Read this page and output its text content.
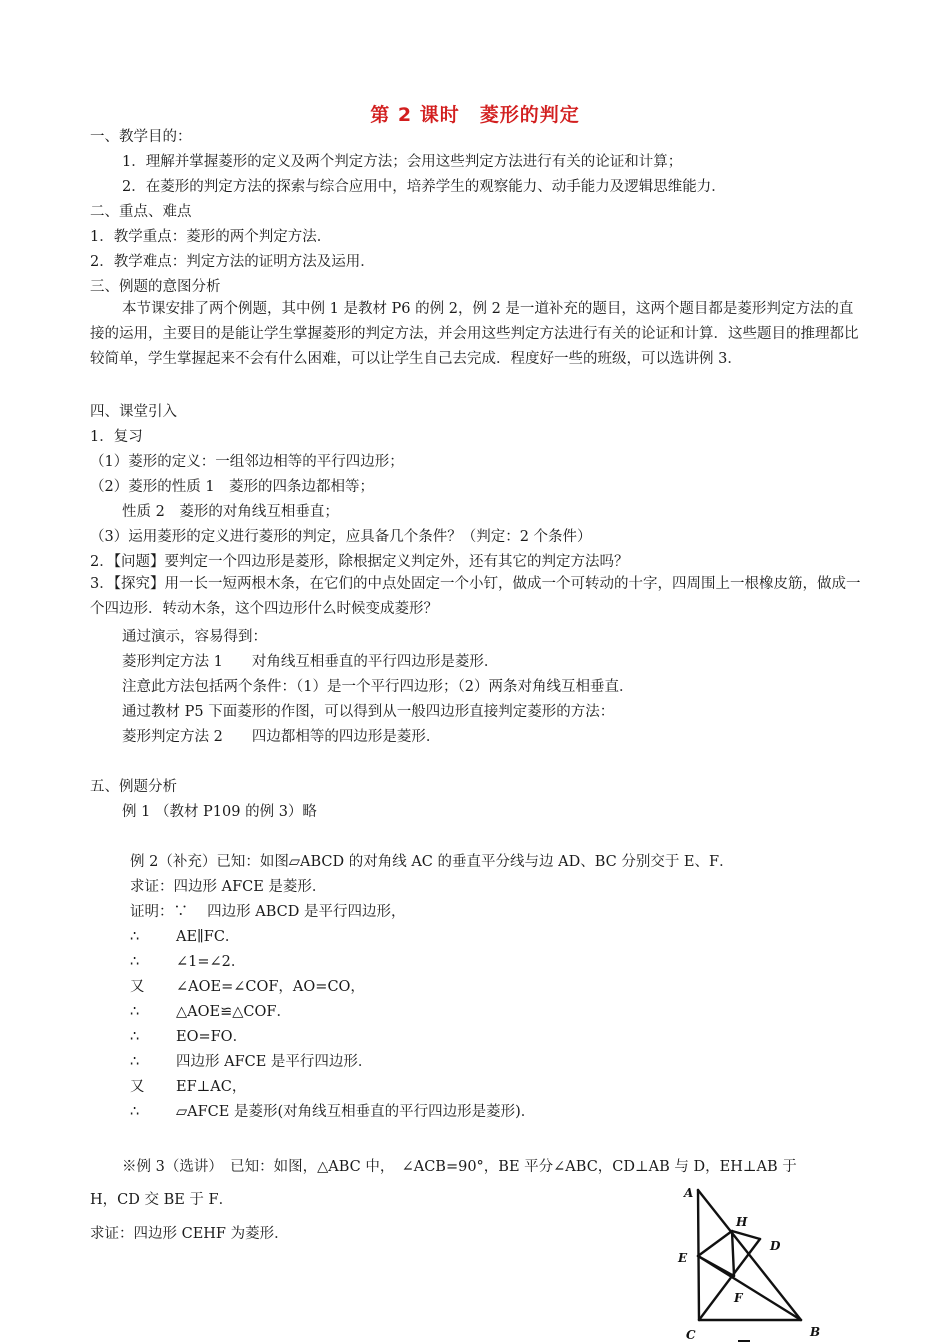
第 2 课时　菱形的判定
一、教学目的：
1．理解并掌握菱形的定义及两个判定方法；会用这些判定方法进行有关的论证和计算；
2．在菱形的判定方法的探索与综合应用中，培养学生的观察能力、动手能力及逻辑思维能力．
二、重点、难点
1．教学重点：菱形的两个判定方法．
2．教学难点：判定方法的证明方法及运用．
三、例题的意图分析
本节课安排了两个例题，其中例 1 是教材 P6 的例 2，例 2 是一道补充的题目，这两个题目都是菱形判定方法的直接的运用，主要目的是能让学生掌握菱形的判定方法，并会用这些判定方法进行有关的论证和计算．这些题目的推理都比较简单，学生掌握起来不会有什么困难，可以让学生自己去完成．程度好一些的班级，可以选讲例 3．
四、课堂引入
1．复习
（1）菱形的定义：一组邻边相等的平行四边形；
（2）菱形的性质 1　菱形的四条边都相等；
性质 2　菱形的对角线互相垂直；
（3）运用菱形的定义进行菱形的判定，应具备几个条件？（判定：2 个条件）
2．【问题】要判定一个四边形是菱形，除根据定义判定外，还有其它的判定方法吗？
3．【探究】用一长一短两根木条，在它们的中点处固定一个小钉，做成一个可转动的十字，四周围上一根橡皮筋，做成一个四边形．转动木条，这个四边形什么时候变成菱形？
通过演示，容易得到：
菱形判定方法 1　　对角线互相垂直的平行四边形是菱形．
注意此方法包括两个条件：（1）是一个平行四边形；（2）两条对角线互相垂直．
通过教材 P5 下面菱形的作图，可以得到从一般四边形直接判定菱形的方法：
菱形判定方法 2　　四边都相等的四边形是菱形．
五、例题分析
例 1 （教材 P109 的例 3）略
例 2（补充）已知：如图▱ABCD 的对角线 AC 的垂直平分线与边 AD、BC 分别交于 E、F．
求证：四边形 AFCE 是菱形．
证明：∵　 四边形 ABCD 是平行四边形，
∴	AE∥FC．
∴	∠1=∠2．
又 ∠AOE=∠COF，AO=CO，
∴	△AOE≌△COF．
∴	EO=FO．
∴	四边形 AFCE 是平行四边形．
又 EF⊥AC，
∴	▱AFCE 是菱形(对角线互相垂直的平行四边形是菱形)．
※例 3（选讲）　已知：如图，△ABC 中，　∠ACB=90°，BE 平分∠ABC，CD⊥AB 与 D，EH⊥AB 于
H，CD 交 BE 于 F．
求证：四边形 CEHF 为菱形．
A
B
C
D
E
F
H
